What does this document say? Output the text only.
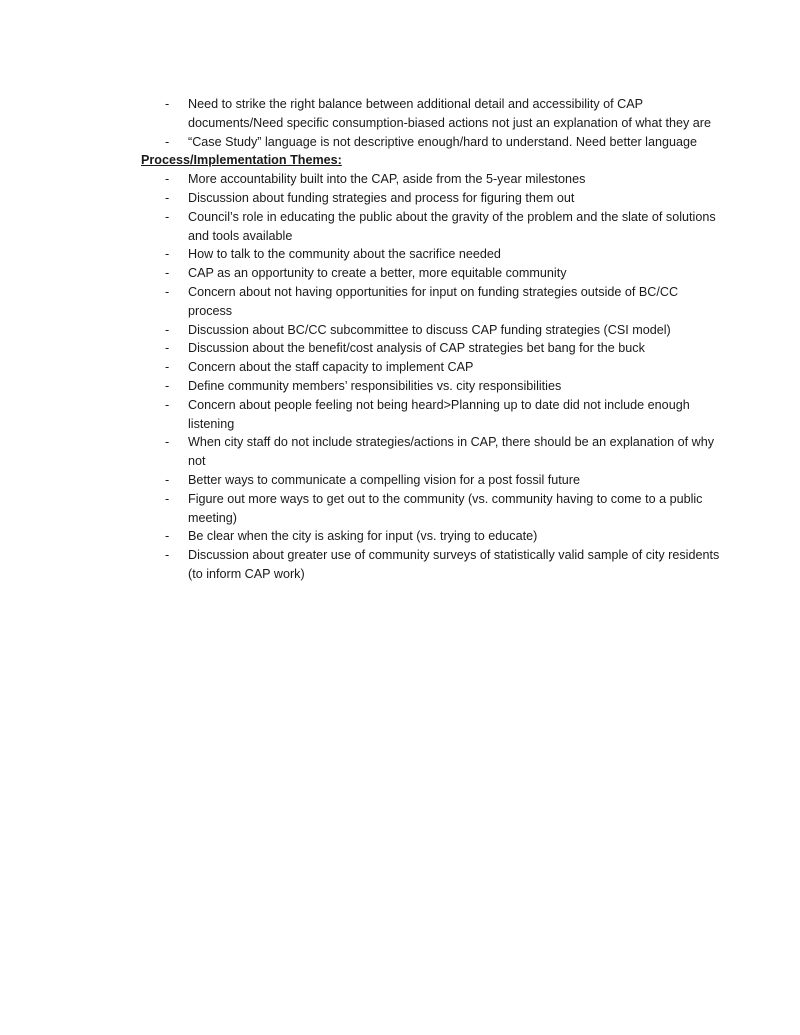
- Need to strike the right balance between additional detail and accessibility of CAP documents/Need specific consumption-biased actions not just an explanation of what they are
- “Case Study” language is not descriptive enough/hard to understand. Need better language

Process/Implementation Themes:

- More accountability built into the CAP, aside from the 5-year milestones
- Discussion about funding strategies and process for figuring them out
- Council’s role in educating the public about the gravity of the problem and the slate of solutions and tools available
- How to talk to the community about the sacrifice needed
- CAP as an opportunity to create a better, more equitable community
- Concern about not having opportunities for input on funding strategies outside of BC/CC process
- Discussion about BC/CC subcommittee to discuss CAP funding strategies (CSI model)
- Discussion about the benefit/cost analysis of CAP strategies bet bang for the buck
- Concern about the staff capacity to implement CAP
- Define community members’ responsibilities vs. city responsibilities
- Concern about people feeling not being heard>Planning up to date did not include enough listening
- When city staff do not include strategies/actions in CAP, there should be an explanation of why not
- Better ways to communicate a compelling vision for a post fossil future
- Figure out more ways to get out to the community (vs. community having to come to a public meeting)
- Be clear when the city is asking for input (vs. trying to educate)
- Discussion about greater use of community surveys of statistically valid sample of city residents (to inform CAP work)
